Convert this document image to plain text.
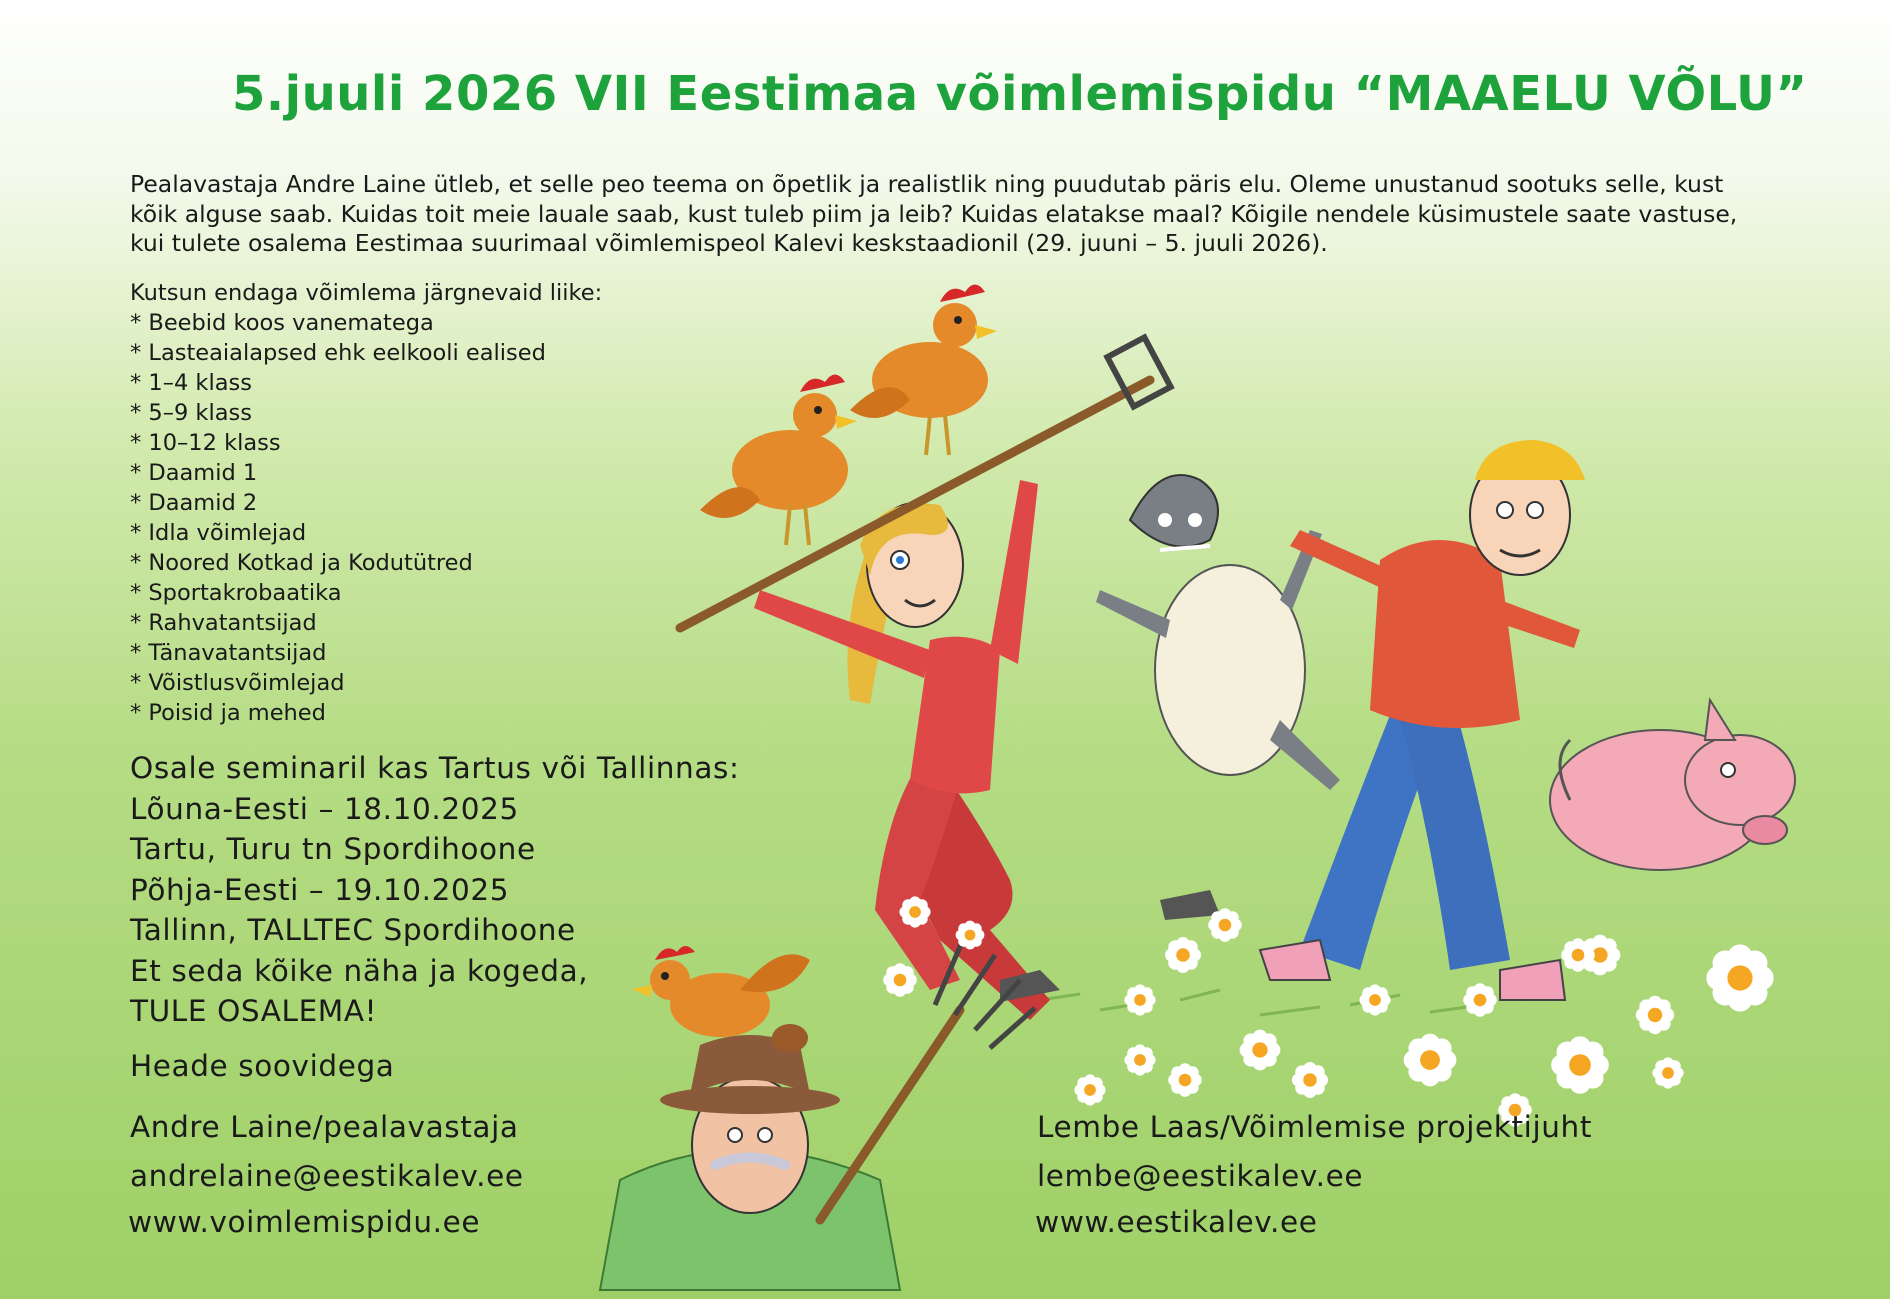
5.juuli 2026 VII Eestimaa võimlemispidu “MAAELU VÕLU”

Pealavastaja Andre Laine ütleb, et selle peo teema on õpetlik ja realistlik ning puudutab päris elu. Oleme unustanud sootuks selle, kust kõik alguse saab. Kuidas toit meie lauale saab, kust tuleb piim ja leib? Kuidas elatakse maal? Kõigile nendele küsimustele saate vastuse, kui tulete osalema Eestimaa suurimaal võimlemispeol Kalevi keskstaadionil (29. juuni – 5. juuli 2026).

Kutsun endaga võimlema järgnevaid liike:
* Beebid koos vanematega
* Lasteaialapsed ehk eelkooli ealised
* 1–4 klass
* 5–9 klass
* 10–12 klass
* Daamid 1
* Daamid 2
* Idla võimlejad
* Noored Kotkad ja Kodutütred
* Sportakrobaatika
* Rahvatantsijad
* Tänavatantsijad
* Võistlusvõimlejad
* Poisid ja mehed
Osale seminaril kas Tartus või Tallinnas:
Lõuna-Eesti – 18.10.2025
Tartu, Turu tn Spordihoone
Põhja-Eesti – 19.10.2025
Tallinn, TALLTEC Spordihoone
Et seda kõike näha ja kogeda,
TULE OSALEMA!
Heade soovidega
Andre Laine/pealavastaja
andrelaine@eestikalev.ee
www.voimlemispidu.ee
Lembe Laas/Võimlemise projektijuht
lembe@eestikalev.ee
www.eestikalev.ee
